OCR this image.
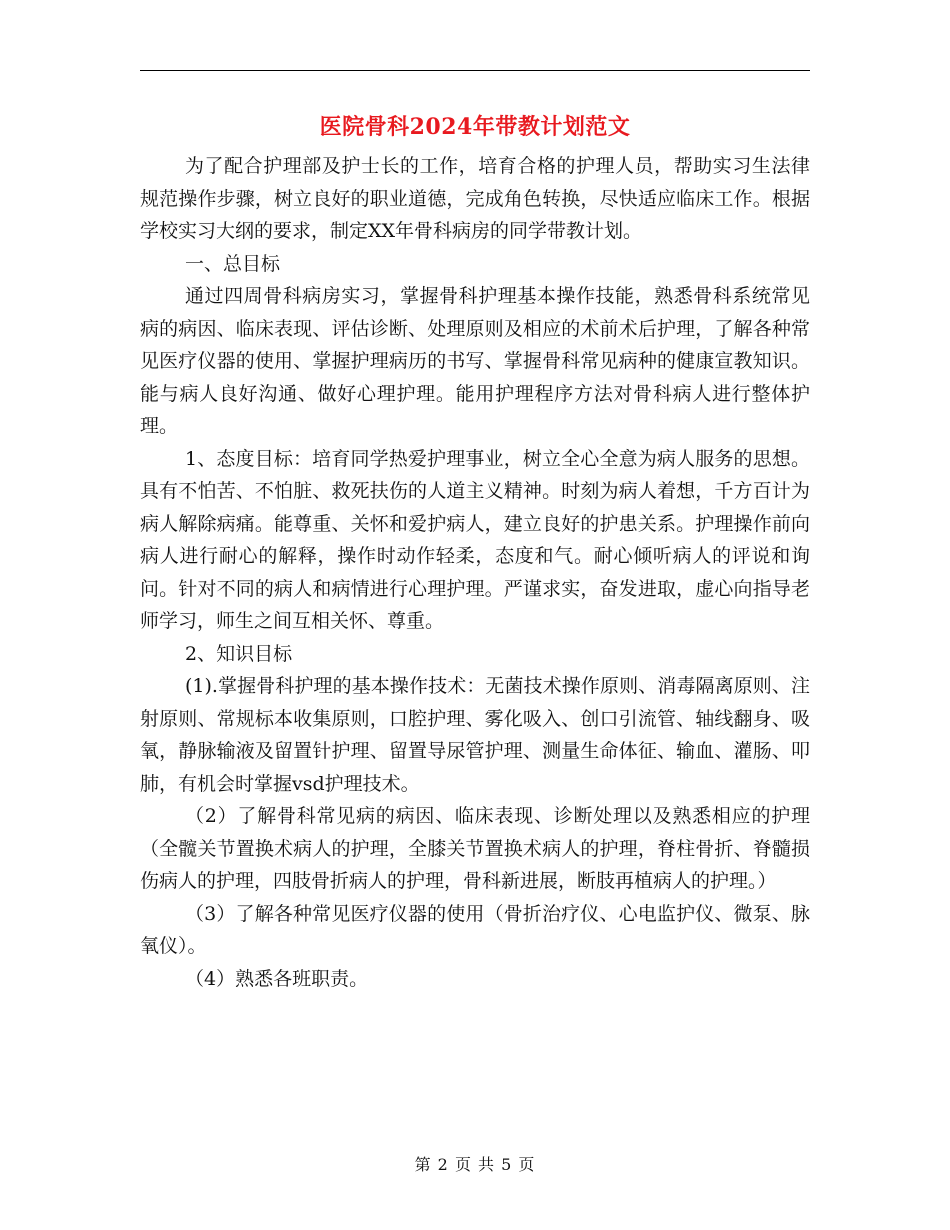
医院骨科2024年带教计划范文

为了配合护理部及护士长的工作，培育合格的护理人员，帮助实习生法律规范操作步骤，树立良好的职业道德，完成角色转换，尽快适应临床工作。根据学校实习大纲的要求，制定XX年骨科病房的同学带教计划。

一、总目标

通过四周骨科病房实习，掌握骨科护理基本操作技能，熟悉骨科系统常见病的病因、临床表现、评估诊断、处理原则及相应的术前术后护理，了解各种常见医疗仪器的使用、掌握护理病历的书写、掌握骨科常见病种的健康宣教知识。能与病人良好沟通、做好心理护理。能用护理程序方法对骨科病人进行整体护理。

1、态度目标：培育同学热爱护理事业，树立全心全意为病人服务的思想。具有不怕苦、不怕脏、救死扶伤的人道主义精神。时刻为病人着想，千方百计为病人解除病痛。能尊重、关怀和爱护病人，建立良好的护患关系。护理操作前向病人进行耐心的解释，操作时动作轻柔，态度和气。耐心倾听病人的评说和询问。针对不同的病人和病情进行心理护理。严谨求实，奋发进取，虚心向指导老师学习，师生之间互相关怀、尊重。

2、知识目标

(1).掌握骨科护理的基本操作技术：无菌技术操作原则、消毒隔离原则、注射原则、常规标本收集原则，口腔护理、雾化吸入、创口引流管、轴线翻身、吸氧，静脉输液及留置针护理、留置导尿管护理、测量生命体征、输血、灌肠、叩肺，有机会时掌握vsd护理技术。

（2）了解骨科常见病的病因、临床表现、诊断处理以及熟悉相应的护理（全髋关节置换术病人的护理，全膝关节置换术病人的护理，脊柱骨折、脊髓损伤病人的护理，四肢骨折病人的护理，骨科新进展，断肢再植病人的护理。）

（3）了解各种常见医疗仪器的使用（骨折治疗仪、心电监护仪、微泵、脉氧仪）。

（4）熟悉各班职责。

第 2 页 共 5 页
